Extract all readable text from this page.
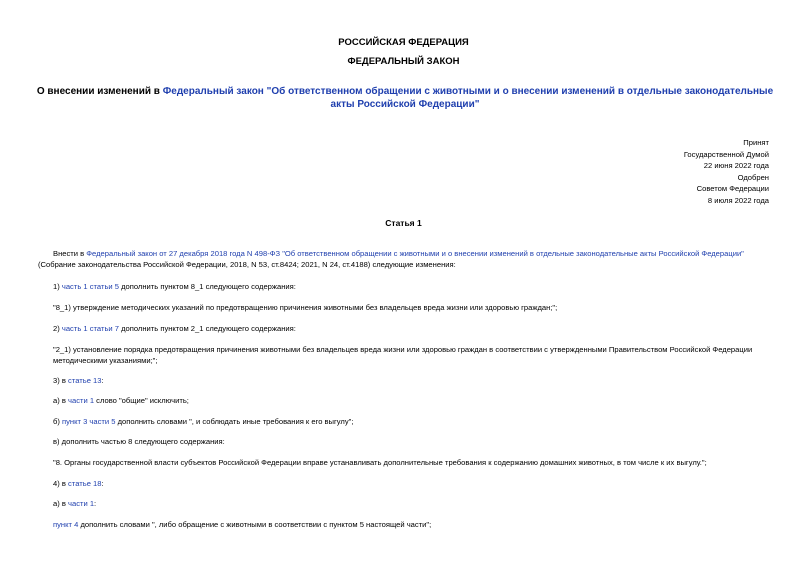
РОССИЙСКАЯ ФЕДЕРАЦИЯ
ФЕДЕРАЛЬНЫЙ ЗАКОН
О внесении изменений в Федеральный закон "Об ответственном обращении с животными и о внесении изменений в отдельные законодательные акты Российской Федерации"
Принят
Государственной Думой
22 июня 2022 года
Одобрен
Советом Федерации
8 июля 2022 года
Статья 1
Внести в Федеральный закон от 27 декабря 2018 года N 498-ФЗ "Об ответственном обращении с животными и о внесении изменений в отдельные законодательные акты Российской Федерации" (Собрание законодательства Российской Федерации, 2018, N 53, ст.8424; 2021, N 24, ст.4188) следующие изменения:
1) часть 1 статьи 5 дополнить пунктом 8_1 следующего содержания:
"8_1) утверждение методических указаний по предотвращению причинения животными без владельцев вреда жизни или здоровью граждан;";
2) часть 1 статьи 7 дополнить пунктом 2_1 следующего содержания:
"2_1) установление порядка предотвращения причинения животными без владельцев вреда жизни или здоровью граждан в соответствии с утвержденными Правительством Российской Федерации методическими указаниями;";
3) в статье 13:
а) в части 1 слово "общие" исключить;
б) пункт 3 части 5 дополнить словами ", и соблюдать иные требования к его выгулу";
в) дополнить частью 8 следующего содержания:
"8. Органы государственной власти субъектов Российской Федерации вправе устанавливать дополнительные требования к содержанию домашних животных, в том числе к их выгулу.";
4) в статье 18:
а) в части 1:
пункт 4 дополнить словами ", либо обращение с животными в соответствии с пунктом 5 настоящей части";
